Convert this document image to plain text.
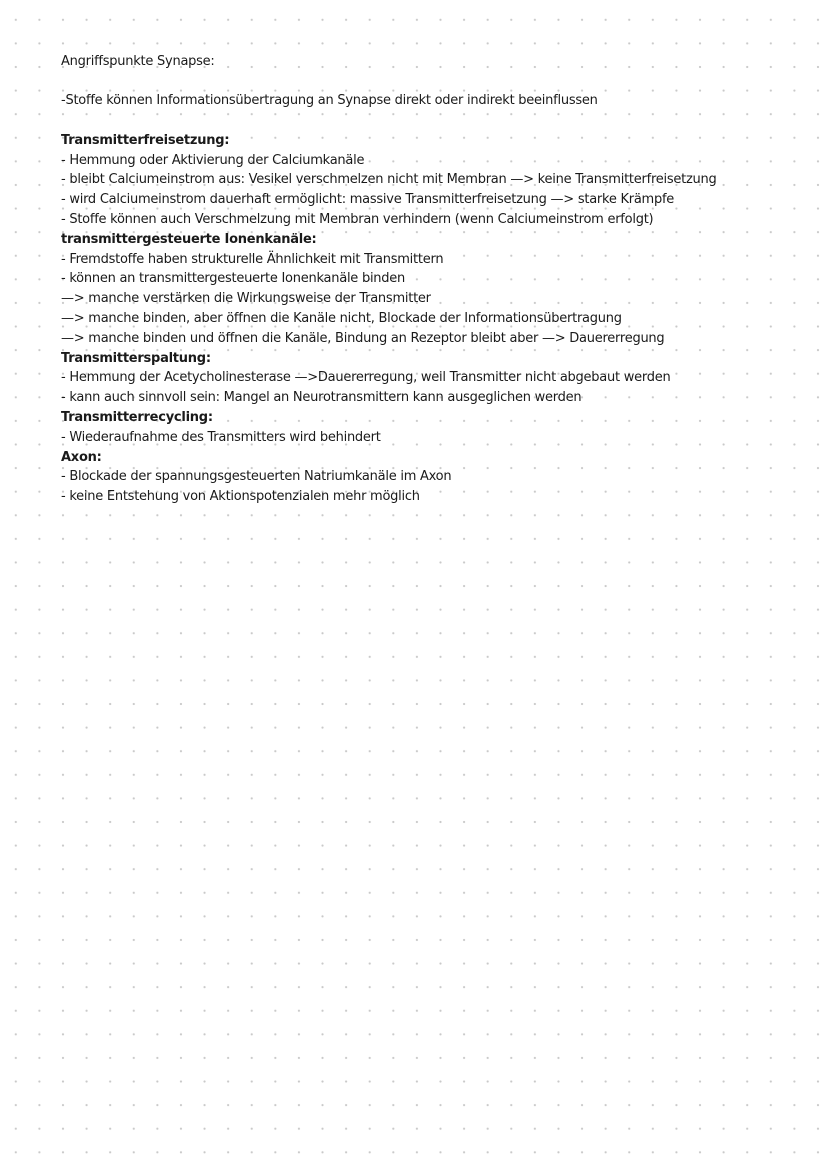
Angriffspunkte Synapse:
-Stoffe können Informationsübertragung an Synapse direkt oder indirekt beeinflussen
Transmitterfreisetzung:
- Hemmung oder Aktivierung der Calciumkanäle
- bleibt Calciumeinstrom aus: Vesikel verschmelzen nicht mit Membran —> keine Transmitterfreisetzung
- wird Calciumeinstrom dauerhaft ermöglicht: massive Transmitterfreisetzung —> starke Krämpfe
- Stoffe können auch Verschmelzung mit Membran verhindern (wenn Calciumeinstrom erfolgt)
transmittergesteuerte Ionenkanäle:
- Fremdstoffe haben strukturelle Ähnlichkeit mit Transmittern
- können an transmittergesteuerte Ionenkanäle binden
—> manche verstärken die Wirkungsweise der Transmitter
—> manche binden, aber öffnen die Kanäle nicht, Blockade der Informationsübertragung
—> manche binden und öffnen die Kanäle, Bindung an Rezeptor bleibt aber —> Dauererregung
Transmitterspaltung:
- Hemmung der Acetycholinesterase —>Dauererregung, weil Transmitter nicht abgebaut werden
- kann auch sinnvoll sein: Mangel an Neurotransmittern kann ausgeglichen werden
Transmitterrecycling:
- Wiederaufnahme des Transmitters wird behindert
Axon:
- Blockade der spannungsgesteuerten Natriumkanäle im Axon
- keine Entstehung von Aktionspotenzialen mehr möglich
